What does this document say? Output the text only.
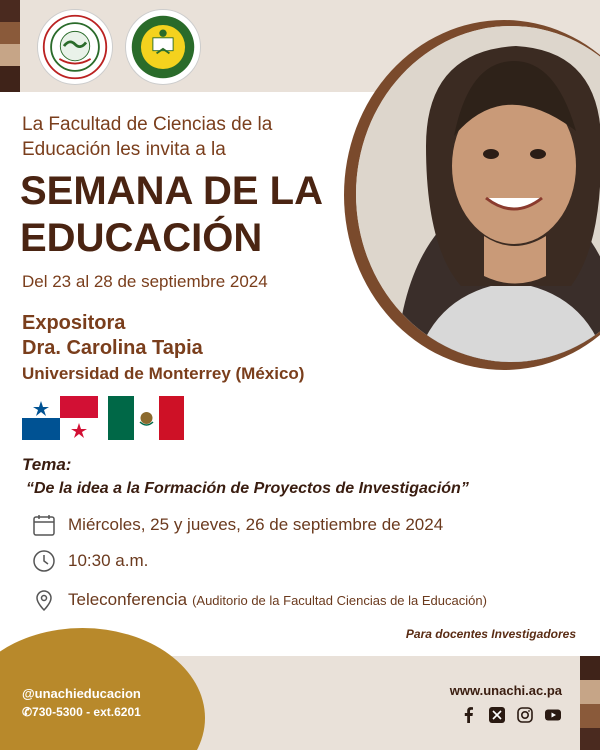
La Facultad de Ciencias de la Educación les invita a la
SEMANA DE LA EDUCACIÓN
Del 23 al 28 de septiembre 2024
Expositora
Dra. Carolina Tapia
Universidad de Monterrey (México)
Tema:
“De la idea a la Formación de Proyectos de Investigación”
Miércoles, 25 y jueves, 26 de septiembre de 2024
10:30 a.m.
Teleconferencia (Auditorio de la Facultad Ciencias de la Educación)
Para docentes Investigadores
@unachieducacion
✆730-5300 - ext.6201
www.unachi.ac.pa
